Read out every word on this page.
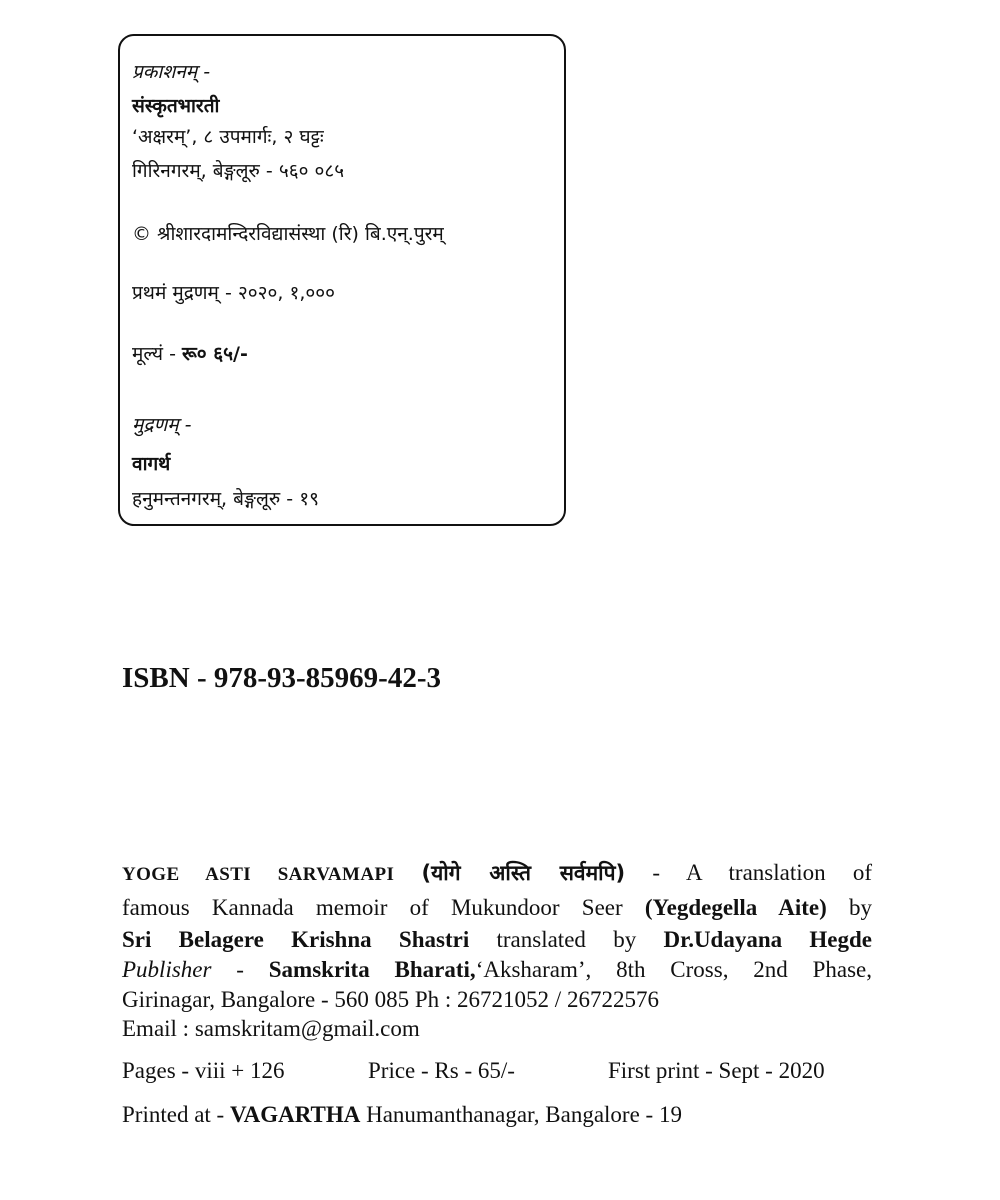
प्रकाशनम् -
संस्कृतभारती
‘अक्षरम्’, ८ उपमार्गः, २ घट्टः
गिरिनगरम्, बेङ्गलूरु - ५६० ०८५
© श्रीशारदामन्दिरविद्यासंस्था (रि) बि.एन्.पुरम्
प्रथमं मुद्रणम् - २०२०, १,०००
मूल्यं - रू० ६५/-
मुद्रणम् -
वागर्थ
हनुमन्तनगरम्, बेङ्गलूरु - १९
ISBN - 978-93-85969-42-3
YOGE ASTI SARVAMAPI (योगे अस्ति सर्वमपि) - A translation of
famous Kannada memoir of Mukundoor Seer (Yegdegella Aite) by
Sri Belagere Krishna Shastri translated by Dr.Udayana Hegde
Publisher - Samskrita Bharati,‘Aksharam’, 8th Cross, 2nd Phase,
Girinagar, Bangalore - 560 085 Ph : 26721052 / 26722576
Email : samskritam@gmail.com
Pages - viii + 126	Price - Rs - 65/-	First print - Sept - 2020
Printed at - VAGARTHA Hanumanthanagar, Bangalore - 19
